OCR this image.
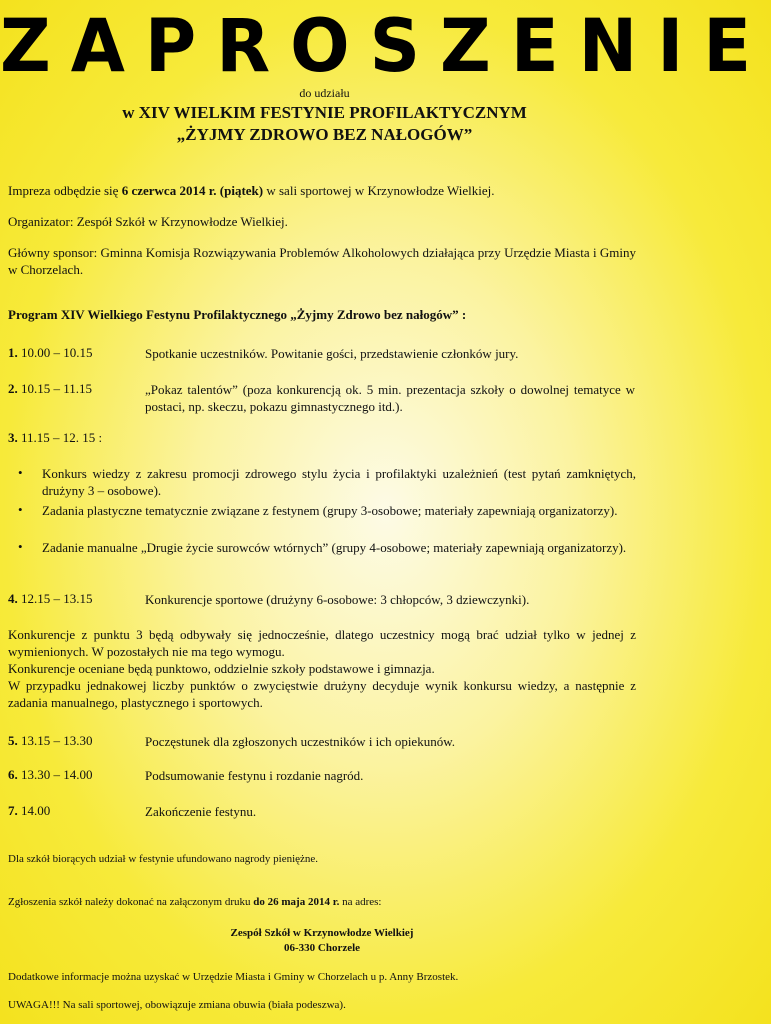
ZAPROSZENIE
do udziału
w XIV WIELKIM FESTYNIE PROFILAKTYCZNYM
„ŻYJMY ZDROWO BEZ NAŁOGÓW”
Impreza odbędzie się 6 czerwca 2014 r. (piątek) w sali sportowej w Krzynowłodze Wielkiej.
Organizator: Zespół Szkół w Krzynowłodze Wielkiej.
Główny sponsor: Gminna Komisja Rozwiązywania Problemów Alkoholowych działająca przy Urzędzie Miasta i Gminy w Chorzelach.
Program XIV Wielkiego Festynu Profilaktycznego „Żyjmy Zdrowo bez nałogów” :
1. 10.00 – 10.15	Spotkanie uczestników. Powitanie gości, przedstawienie członków jury.
2. 10.15 – 11.15	„Pokaz talentów” (poza konkurencją ok. 5 min. prezentacja szkoły o dowolnej tematyce w postaci, np. skeczu, pokazu gimnastycznego itd.).
3. 11.15 – 12. 15 :
• Konkurs wiedzy z zakresu promocji zdrowego stylu życia i profilaktyki uzależnień (test pytań zamkniętych, drużyny 3 – osobowe).
• Zadania plastyczne tematycznie związane z festynem (grupy 3-osobowe; materiały zapewniają organizatorzy).
• Zadanie manualne „Drugie życie surowców wtórnych” (grupy 4-osobowe; materiały zapewniają organizatorzy).
4. 12.15 – 13.15	Konkurencje sportowe (drużyny 6-osobowe: 3 chłopców, 3 dziewczynki).
Konkurencje z punktu 3 będą odbywały się jednocześnie, dlatego uczestnicy mogą brać udział tylko w jednej z wymienionych. W pozostałych nie ma tego wymogu.
Konkurencje oceniane będą punktowo, oddzielnie szkoły podstawowe i gimnazja.
W przypadku jednakowej liczby punktów o zwycięstwie drużyny decyduje wynik konkursu wiedzy, a następnie z zadania manualnego, plastycznego i sportowych.
5. 13.15 – 13.30	Poczęstunek dla zgłoszonych uczestników i ich opiekunów.
6. 13.30 – 14.00	Podsumowanie festynu i rozdanie nagród.
7. 14.00	Zakończenie festynu.
Dla szkół biorących udział w festynie ufundowano nagrody pieniężne.
Zgłoszenia szkół należy dokonać na załączonym druku do 26 maja 2014 r. na adres:
Zespół Szkół w Krzynowłodze Wielkiej
06-330 Chorzele
Dodatkowe informacje można uzyskać w Urzędzie Miasta i Gminy w Chorzelach u p. Anny Brzostek.
UWAGA!!! Na sali sportowej, obowiązuje zmiana obuwia (biała podeszwa).
